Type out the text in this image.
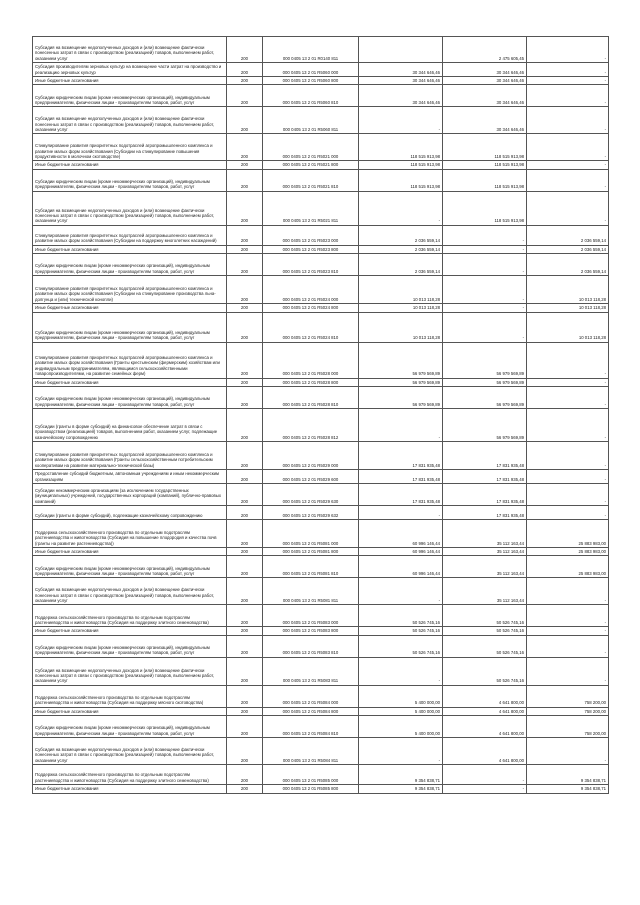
Субсидия на возмещение недополученных доходов и (или) возмещение фактически понесенных затрат в связи с производством (реализацией) товаров, выполнением работ, оказанием услуг	200	000 0405 13 2 01 R0140 811		2 475 605,45	-
Субсидия производителям зерновых культур на возмещение части затрат на производство и реализацию зерновых культур	200	000 0405 13 2 01 R5060 000	30 344 646,46	30 344 646,46	-
Иные бюджетные ассигнования	200	000 0405 13 2 01 R5060 800	30 344 646,46	30 344 646,46	-
Субсидии юридическим лицам (кроме некоммерческих организаций), индивидуальным предпринимателям, физическим лицам - производителям товаров, работ, услуг	200	000 0405 13 2 01 R5060 810	30 344 646,46	30 344 646,46	-
Субсидия на возмещение недополученных доходов и (или) возмещение фактически понесенных затрат в связи с производством (реализацией) товаров, выполнением работ, оказанием услуг	200	000 0405 13 2 01 R5060 811	-	30 344 646,46	-
Стимулирование развития приоритетных подотраслей агропромышленного комплекса и развитие малых форм хозяйствования (Субсидии на стимулирование повышения продуктивности в молочном скотоводстве)	200	000 0405 13 2 01 R5021 000	118 515 913,98	118 515 913,98	-
Иные бюджетные ассигнования	200	000 0405 13 2 01 R5021 800	118 515 913,98	118 515 913,98	-
Субсидии юридическим лицам (кроме некоммерческих организаций), индивидуальным предпринимателям, физическим лицам - производителям товаров, работ, услуг	200	000 0405 13 2 01 R5021 810	118 515 913,98	118 515 913,98	-
Субсидия на возмещение недополученных доходов и (или) возмещение фактически понесенных затрат в связи с производством (реализацией) товаров, выполнением работ, оказанием услуг	200	000 0405 13 2 01 R5021 811	-	118 515 913,98	-
Стимулирование развития приоритетных подотраслей агропромышленного комплекса и развитие малых форм хозяйствования (Субсидии на поддержку многолетних насаждений)	200	000 0405 13 2 01 R5023 000	2 036 559,14	-	2 036 559,14
Иные бюджетные ассигнования	200	000 0405 13 2 01 R5023 800	2 036 559,14	-	2 036 559,14
Субсидии юридическим лицам (кроме некоммерческих организаций), индивидуальным предпринимателям, физическим лицам - производителям товаров, работ, услуг	200	000 0405 13 2 01 R5023 810	2 036 559,14	-	2 036 559,14
Стимулирование развития приоритетных подотраслей агропромышленного комплекса и развитие малых форм хозяйствования (Субсидии на стимулирование производства льна-долгунца и (или) технической конопли)	200	000 0405 13 2 01 R5024 000	10 013 118,28	-	10 013 118,28
Иные бюджетные ассигнования	200	000 0405 13 2 01 R5024 800	10 013 118,28	-	10 013 118,28
Субсидии юридическим лицам (кроме некоммерческих организаций), индивидуальным предпринимателям, физическим лицам - производителям товаров, работ, услуг	200	000 0405 13 2 01 R5024 810	10 013 118,28	-	10 013 118,28
Стимулирование развития приоритетных подотраслей агропромышленного комплекса и развитие малых форм хозяйствования (Гранты крестьянским (фермерским) хозяйствам или индивидуальным предпринимателям, являющимся сельскохозяйственными товаропроизводителями, на развитие семейных ферм)	200	000 0405 13 2 01 R5028 000	56 979 569,89	56 979 569,89	-
Иные бюджетные ассигнования	200	000 0405 13 2 01 R5028 800	56 979 569,89	56 979 569,89	-
Субсидии юридическим лицам (кроме некоммерческих организаций), индивидуальным предпринимателям, физическим лицам - производителям товаров, работ, услуг	200	000 0405 13 2 01 R5028 810	56 979 569,89	56 979 569,89	-
Субсидии (гранты в форме субсидий) на финансовое обеспечение затрат в связи с производством (реализацией) товаров, выполнением работ, оказанием услуг, подлежащие казначейскому сопровождению	200	000 0405 13 2 01 R5028 812	-	56 979 569,89	-
Стимулирование развития приоритетных подотраслей агропромышленного комплекса и развитие малых форм хозяйствования (Гранты сельскохозяйственным потребительским кооперативам на развитие материально-технической базы)	200	000 0405 13 2 01 R5029 000	17 831 935,48	17 831 935,48	-
Предоставление субсидий бюджетным, автономным учреждениям и иным некоммерческим организациям	200	000 0405 13 2 01 R5029 600	17 831 935,48	17 831 935,48	-
Субсидии некоммерческим организациям (за исключением государственных (муниципальных) учреждений, государственных корпораций (компаний), публично-правовых компаний)	200	000 0405 13 2 01 R5029 630	17 831 935,48	17 831 935,48	-
Субсидии (гранты в форме субсидий), подлежащие казначейскому сопровождению	200	000 0405 13 2 01 R5029 632	-	17 831 935,48	-
Поддержка сельскохозяйственного производства по отдельным подотраслям растениеводства и животноводства (Субсидия на повышение плодородия и качества почв (гранты на развитие растениеводства))	200	000 0405 13 2 01 R5081 000	60 996 146,44	35 112 163,44	25 883 983,00
Иные бюджетные ассигнования	200	000 0405 13 2 01 R5081 800	60 996 146,44	35 112 163,44	25 883 983,00
Субсидии юридическим лицам (кроме некоммерческих организаций), индивидуальным предпринимателям, физическим лицам - производителям товаров, работ, услуг	200	000 0405 13 2 01 R5081 810	60 996 146,44	35 112 163,44	25 883 983,00
Субсидия на возмещение недополученных доходов и (или) возмещение фактически понесенных затрат в связи с производством (реализацией) товаров, выполнением работ, оказанием услуг	200	000 0405 13 2 01 R5081 811	-	35 112 163,44	-
Поддержка сельскохозяйственного производства по отдельным подотраслям растениеводства и животноводства (Субсидия на поддержку элитного семеноводства)	200	000 0405 13 2 01 R5083 000	50 526 745,16	50 526 745,16	-
Иные бюджетные ассигнования	200	000 0405 13 2 01 R5083 800	50 526 745,16	50 526 745,16	-
Субсидии юридическим лицам (кроме некоммерческих организаций), индивидуальным предпринимателям, физическим лицам - производителям товаров, работ, услуг	200	000 0405 13 2 01 R5083 810	50 526 745,16	50 526 745,16	-
Субсидия на возмещение недополученных доходов и (или) возмещение фактически понесенных затрат в связи с производством (реализацией) товаров, выполнением работ, оказанием услуг	200	000 0405 13 2 01 R5083 811	-	50 526 745,16	-
Поддержка сельскохозяйственного производства по отдельным подотраслям растениеводства и животноводства (Субсидия на поддержку мясного скотоводства)	200	000 0405 13 2 01 R5084 000	5 400 000,00	4 641 800,00	758 200,00
Иные бюджетные ассигнования	200	000 0405 13 2 01 R5084 800	5 400 000,00	4 641 800,00	758 200,00
Субсидии юридическим лицам (кроме некоммерческих организаций), индивидуальным предпринимателям, физическим лицам - производителям товаров, работ, услуг	200	000 0405 13 2 01 R5084 810	5 400 000,00	4 641 800,00	758 200,00
Субсидия на возмещение недополученных доходов и (или) возмещение фактически понесенных затрат в связи с производством (реализацией) товаров, выполнением работ, оказанием услуг	200	000 0405 13 2 01 R5084 811	-	4 641 800,00	-
Поддержка сельскохозяйственного производства по отдельным подотраслям растениеводства и животноводства (Субсидия на поддержку элитного семеноводства)	200	000 0405 13 2 01 R5085 000	9 354 838,71	-	9 354 838,71
Иные бюджетные ассигнования	200	000 0405 13 2 01 R5085 800	9 354 838,71	-	9 354 838,71
